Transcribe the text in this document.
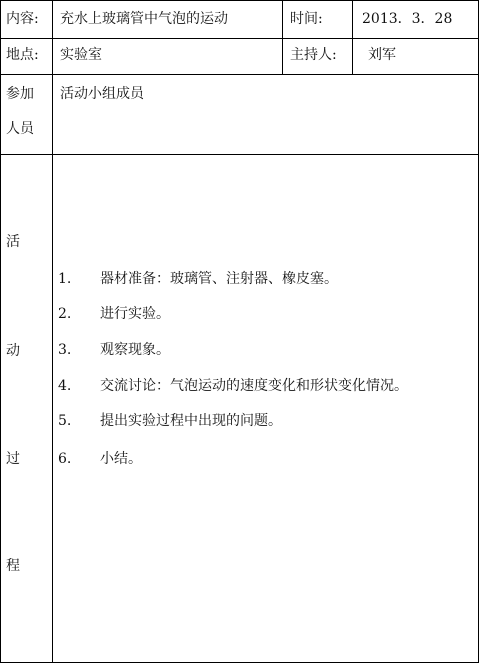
内容: 充水上玻璃管中气泡的运动	时间:	2013．3．28
地点: 实验室	主持人: 刘军
参加
人员
活动小组成员
活
动
过
程
1.	器材准备：玻璃管、注射器、橡皮塞。
2.	进行实验。
3.	观察现象。
4.	交流讨论：气泡运动的速度变化和形状变化情况。
5.	提出实验过程中出现的问题。
6.	小结。
